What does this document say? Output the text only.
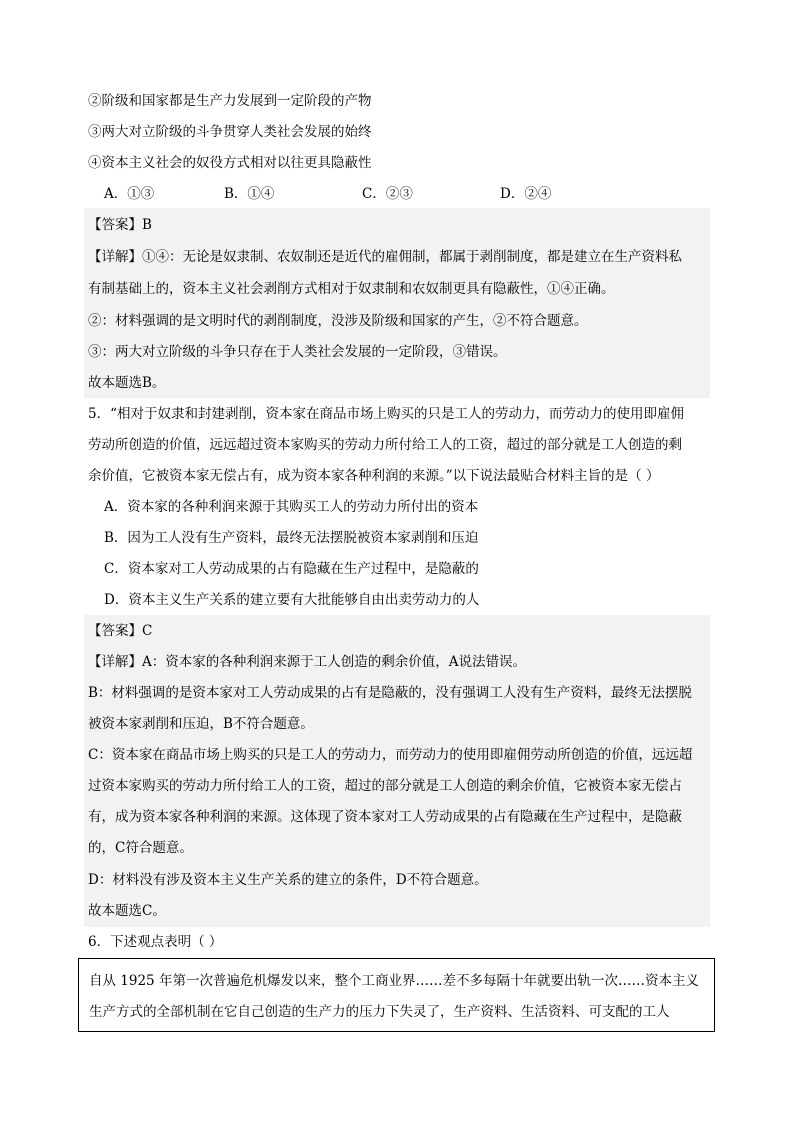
②阶级和国家都是生产力发展到一定阶段的产物
③两大对立阶级的斗争贯穿人类社会发展的始终
④资本主义社会的奴役方式相对以往更具隐蔽性
A．①③	B．①④	C．②③	D．②④
【答案】B
【详解】①④：无论是奴隶制、农奴制还是近代的雇佣制，都属于剥削制度，都是建立在生产资料私
有制基础上的，资本主义社会剥削方式相对于奴隶制和农奴制更具有隐蔽性，①④正确。
②：材料强调的是文明时代的剥削制度，没涉及阶级和国家的产生，②不符合题意。
③：两大对立阶级的斗争只存在于人类社会发展的一定阶段，③错误。
故本题选B。
5．“相对于奴隶和封建剥削，资本家在商品市场上购买的只是工人的劳动力，而劳动力的使用即雇佣
劳动所创造的价值，远远超过资本家购买的劳动力所付给工人的工资，超过的部分就是工人创造的剩
余价值，它被资本家无偿占有，成为资本家各种利润的来源。”以下说法最贴合材料主旨的是（ ）
A．资本家的各种利润来源于其购买工人的劳动力所付出的资本
B．因为工人没有生产资料，最终无法摆脱被资本家剥削和压迫
C．资本家对工人劳动成果的占有隐藏在生产过程中，是隐蔽的
D．资本主义生产关系的建立要有大批能够自由出卖劳动力的人
【答案】C
【详解】A：资本家的各种利润来源于工人创造的剩余价值，A说法错误。
B：材料强调的是资本家对工人劳动成果的占有是隐蔽的，没有强调工人没有生产资料，最终无法摆脱
被资本家剥削和压迫，B不符合题意。
C：资本家在商品市场上购买的只是工人的劳动力，而劳动力的使用即雇佣劳动所创造的价值，远远超
过资本家购买的劳动力所付给工人的工资，超过的部分就是工人创造的剩余价值，它被资本家无偿占
有，成为资本家各种利润的来源。这体现了资本家对工人劳动成果的占有隐藏在生产过程中，是隐蔽
的，C符合题意。
D：材料没有涉及资本主义生产关系的建立的条件，D不符合题意。
故本题选C。
6．下述观点表明（ ）
自从 1925 年第一次普遍危机爆发以来，整个工商业界……差不多每隔十年就要出轨一次……资本主义
生产方式的全部机制在它自己创造的生产力的压力下失灵了，生产资料、生活资料、可支配的工人
